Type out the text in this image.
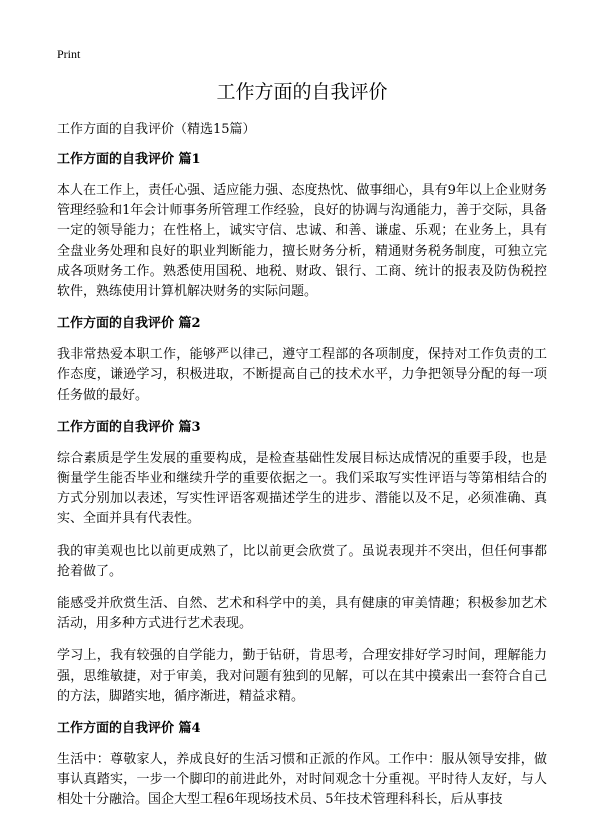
Print
工作方面的自我评价
工作方面的自我评价（精选15篇）
工作方面的自我评价 篇1

本人在工作上，责任心强、适应能力强、态度热忱、做事细心，具有9年以上企业财务管理经验和1年会计师事务所管理工作经验，良好的协调与沟通能力，善于交际，具备一定的领导能力；在性格上，诚实守信、忠诚、和善、谦虚、乐观；在业务上，具有全盘业务处理和良好的职业判断能力，擅长财务分析，精通财务税务制度，可独立完成各项财务工作。熟悉使用国税、地税、财政、银行、工商、统计的报表及防伪税控软件，熟练使用计算机解决财务的实际问题。

工作方面的自我评价 篇2

我非常热爱本职工作，能够严以律己，遵守工程部的各项制度，保持对工作负责的工作态度，谦逊学习，积极进取，不断提高自己的技术水平，力争把领导分配的每一项任务做的最好。

工作方面的自我评价 篇3

综合素质是学生发展的重要构成，是检查基础性发展目标达成情况的重要手段，也是衡量学生能否毕业和继续升学的重要依据之一。我们采取写实性评语与等第相结合的方式分别加以表述，写实性评语客观描述学生的进步、潜能以及不足，必须准确、真实、全面并具有代表性。

我的审美观也比以前更成熟了，比以前更会欣赏了。虽说表现并不突出，但任何事都抢着做了。

能感受并欣赏生活、自然、艺术和科学中的美，具有健康的审美情趣；积极参加艺术活动，用多种方式进行艺术表现。

学习上，我有较强的自学能力，勤于钻研，肯思考，合理安排好学习时间，理解能力强，思维敏捷，对于审美，我对问题有独到的见解，可以在其中摸索出一套符合自己的方法，脚踏实地，循序渐进，精益求精。

工作方面的自我评价 篇4

生活中：尊敬家人，养成良好的生活习惯和正派的作风。工作中：服从领导安排，做事认真踏实，一步一个脚印的前进此外，对时间观念十分重视。平时待人友好，与人相处十分融洽。国企大型工程6年现场技术员、5年技术管理科科长，后从事技
